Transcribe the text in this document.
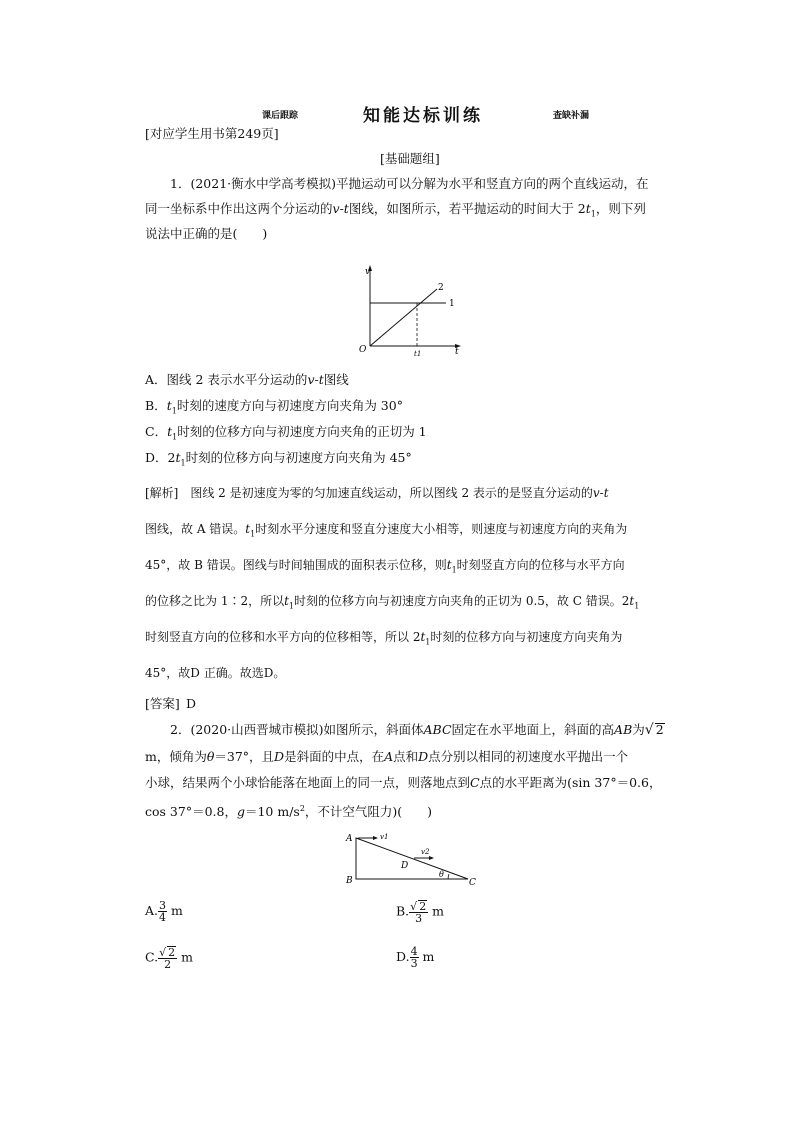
课后跟踪	知能达标训练	查缺补漏
[对应学生用书第249页]
[基础题组]
1．(2021·衡水中学高考模拟)平抛运动可以分解为水平和竖直方向的两个直线运动，在
同一坐标系中作出这两个分运动的v-t图线，如图所示，若平抛运动的时间大于 $2t_1$，则下列
说法中正确的是(　　)
v
O	t
t1
1
2
A．图线 2 表示水平分运动的v-t图线
B．$t_1$时刻的速度方向与初速度方向夹角为 30°
C．$t_1$时刻的位移方向与初速度方向夹角的正切为 1
D．$2t_1$时刻的位移方向与初速度方向夹角为 45°
[解析]　图线 2 是初速度为零的匀加速直线运动，所以图线 2 表示的是竖直分运动的v-t
图线，故 A 错误。$t_1$时刻水平分速度和竖直分速度大小相等，则速度与初速度方向的夹角为
45°，故 B 错误。图线与时间轴围成的面积表示位移，则$t_1$时刻竖直方向的位移与水平方向
的位移之比为 1∶2，所以$t_1$时刻的位移方向与初速度方向夹角的正切为 0.5，故 C 错误。$2t_1$
时刻竖直方向的位移和水平方向的位移相等，所以 $2t_1$时刻的位移方向与初速度方向夹角为
45°，故D 正确。故选D。
[答案]  D
2．(2020·山西晋城市模拟)如图所示，斜面体ABC固定在水平地面上，斜面的高AB为√ 2
m，倾角为θ＝37°，且D是斜面的中点，在A点和D点分别以相同的初速度水平抛出一个
小球，结果两个小球恰能落在地面上的同一点，则落地点到C点的水平距离为(sin 37°＝0.6，
cos 37°＝0.8，g＝10 $m/s^2$，不计空气阻力)(　　)
A
B	C
D
v1
v2
θ
A. $\frac{3}{4}$ m	B. $\frac{√ 2}{3}$ m
C. $\frac{√ 2}{2}$ m	D. $\frac{4}{3}$ m
